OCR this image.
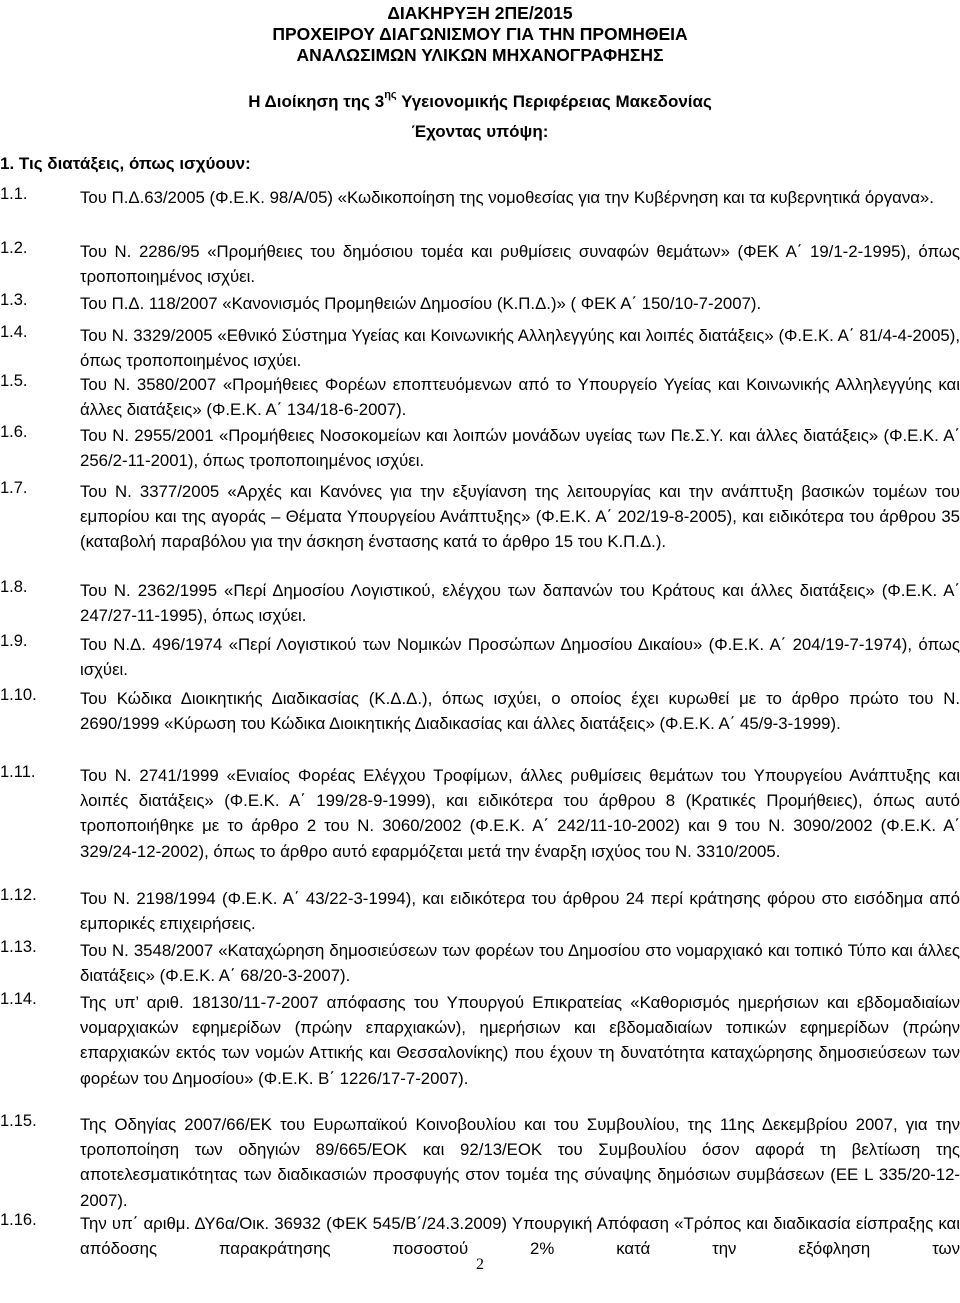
ΔΙΑΚΗΡΥΞΗ 2ΠΕ/2015
ΠΡΟΧΕΙΡΟΥ ΔΙΑΓΩΝΙΣΜΟΥ ΓΙΑ ΤΗΝ ΠΡΟΜΗΘΕΙΑ
ΑΝΑΛΩΣΙΜΩΝ ΥΛΙΚΩΝ ΜΗΧΑΝΟΓΡΑΦΗΣΗΣ
Η Διοίκηση της $3^{\eta\varsigma}$ Υγειονομικής Περιφέρειας Μακεδονίας
Έχοντας υπόψη:
1. Τις διατάξεις, όπως ισχύουν:
1.1.	Του Π.Δ.63/2005 (Φ.Ε.Κ. 98/Α/05) «Κωδικοποίηση της νομοθεσίας για την Κυβέρνηση και τα κυβερνητικά όργανα».
1.2.	Του Ν. 2286/95 «Προμήθειες του δημόσιου τομέα και ρυθμίσεις συναφών θεμάτων» (ΦΕΚ Α΄ 19/1-2-1995), όπως τροποποιημένος ισχύει.
1.3.	Του Π.Δ. 118/2007 «Κανονισμός Προμηθειών Δημοσίου (Κ.Π.Δ.)» ( ΦΕΚ Α΄ 150/10-7-2007).
1.4.	Του Ν. 3329/2005 «Εθνικό Σύστημα Υγείας και Κοινωνικής Αλληλεγγύης και λοιπές διατάξεις» (Φ.Ε.Κ. Α΄ 81/4-4-2005), όπως τροποποιημένος ισχύει.
1.5.	Του Ν. 3580/2007 «Προμήθειες Φορέων εποπτευόμενων από το Υπουργείο Υγείας και Κοινωνικής Αλληλεγγύης και άλλες διατάξεις» (Φ.Ε.Κ. Α΄ 134/18-6-2007).
1.6.	Του Ν. 2955/2001 «Προμήθειες Νοσοκομείων και λοιπών μονάδων υγείας των Πε.Σ.Υ. και άλλες διατάξεις» (Φ.Ε.Κ. Α΄ 256/2-11-2001), όπως τροποποιημένος ισχύει.
1.7.	Του Ν. 3377/2005 «Αρχές και Κανόνες για την εξυγίανση της λειτουργίας και την ανάπτυξη βασικών τομέων του εμπορίου και της αγοράς – Θέματα Υπουργείου Ανάπτυξης» (Φ.Ε.Κ. Α΄ 202/19-8-2005), και ειδικότερα του άρθρου 35 (καταβολή παραβόλου για την άσκηση ένστασης κατά το άρθρο 15 του Κ.Π.Δ.).
1.8.	Του Ν. 2362/1995 «Περί Δημοσίου Λογιστικού, ελέγχου των δαπανών του Κράτους και άλλες διατάξεις» (Φ.Ε.Κ. Α΄ 247/27-11-1995), όπως ισχύει.
1.9.	Του Ν.Δ. 496/1974 «Περί Λογιστικού των Νομικών Προσώπων Δημοσίου Δικαίου» (Φ.Ε.Κ. Α΄ 204/19-7-1974), όπως ισχύει.
1.10.	Του Κώδικα Διοικητικής Διαδικασίας (Κ.Δ.Δ.), όπως ισχύει, ο οποίος έχει κυρωθεί με το άρθρο πρώτο του Ν. 2690/1999 «Κύρωση του Κώδικα Διοικητικής Διαδικασίας και άλλες διατάξεις» (Φ.Ε.Κ. Α΄ 45/9-3-1999).
1.11.	Του Ν. 2741/1999 «Ενιαίος Φορέας Ελέγχου Τροφίμων, άλλες ρυθμίσεις θεμάτων του Υπουργείου Ανάπτυξης και λοιπές διατάξεις» (Φ.Ε.Κ. Α΄ 199/28-9-1999), και ειδικότερα του άρθρου 8 (Κρατικές Προμήθειες), όπως αυτό τροποποιήθηκε με το άρθρο 2 του Ν. 3060/2002 (Φ.Ε.Κ. Α΄ 242/11-10-2002) και 9 του Ν. 3090/2002 (Φ.Ε.Κ. Α΄ 329/24-12-2002), όπως το άρθρο αυτό εφαρμόζεται μετά την έναρξη ισχύος του Ν. 3310/2005.
1.12.	Του Ν. 2198/1994 (Φ.Ε.Κ. Α΄ 43/22-3-1994), και ειδικότερα του άρθρου 24 περί κράτησης φόρου στο εισόδημα από εμπορικές επιχειρήσεις.
1.13.	Του Ν. 3548/2007 «Καταχώρηση δημοσιεύσεων των φορέων του Δημοσίου στο νομαρχιακό και τοπικό Τύπο και άλλες διατάξεις» (Φ.Ε.Κ. Α΄ 68/20-3-2007).
1.14.	Της υπ’ αριθ. 18130/11-7-2007 απόφασης του Υπουργού Επικρατείας «Καθορισμός ημερήσιων και εβδομαδιαίων νομαρχιακών εφημερίδων (πρώην επαρχιακών), ημερήσιων και εβδομαδιαίων τοπικών εφημερίδων (πρώην επαρχιακών εκτός των νομών Αττικής και Θεσσαλονίκης) που έχουν τη δυνατότητα καταχώρησης δημοσιεύσεων των φορέων του Δημοσίου» (Φ.Ε.Κ. Β΄ 1226/17-7-2007).
1.15.	Της Οδηγίας 2007/66/ΕΚ του Ευρωπαϊκού Κοινοβουλίου και του Συμβουλίου, της 11ης Δεκεμβρίου 2007, για την τροποποίηση των οδηγιών 89/665/ΕΟΚ και 92/13/ΕΟΚ του Συμβουλίου όσον αφορά τη βελτίωση της αποτελεσματικότητας των διαδικασιών προσφυγής στον τομέα της σύναψης δημόσιων συμβάσεων (ΕΕ L 335/20-12-2007).
1.16.	Την υπ΄ αριθμ. ΔΥ6α/Οικ. 36932 (ΦΕΚ 545/Β΄/24.3.2009) Υπουργική Απόφαση «Τρόπος και διαδικασία είσπραξης και απόδοσης παρακράτησης ποσοστού 2% κατά την εξόφληση των
2
